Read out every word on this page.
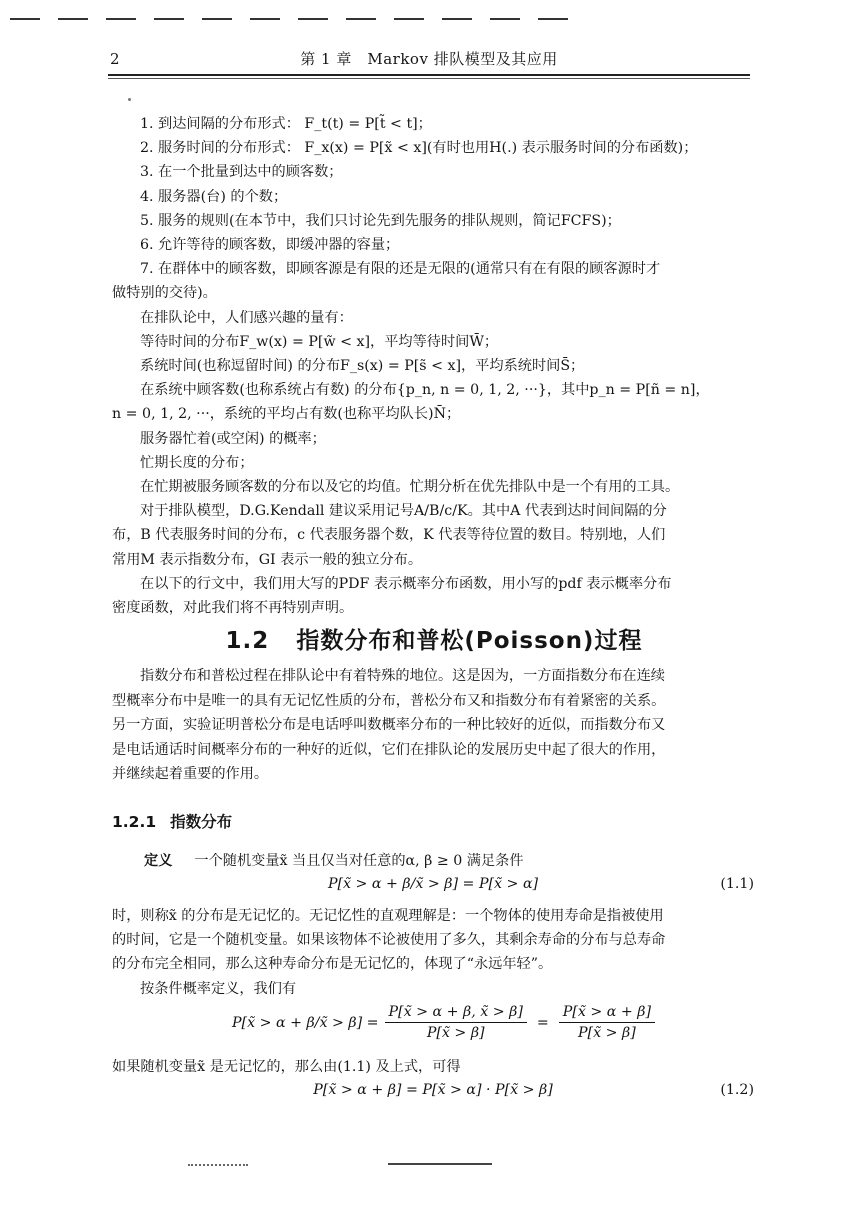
2	第 1 章　Markov 排队模型及其应用
1. 到达间隔的分布形式： F_t(t) = P[t̃ < t]；
2. 服务时间的分布形式： F_x(x) = P[x̃ < x](有时也用H(.) 表示服务时间的分布函数)；
3. 在一个批量到达中的顾客数；
4. 服务器(台) 的个数；
5. 服务的规则(在本节中，我们只讨论先到先服务的排队规则，简记FCFS)；
6. 允许等待的顾客数，即缓冲器的容量；
7. 在群体中的顾客数，即顾客源是有限的还是无限的(通常只有在有限的顾客源时才
做特别的交待)。
在排队论中，人们感兴趣的量有：
等待时间的分布F_w(x) = P[w̃ < x]，平均等待时间W̄；
系统时间(也称逗留时间) 的分布F_s(x) = P[s̃ < x]，平均系统时间S̄；
在系统中顾客数(也称系统占有数) 的分布{p_n, n = 0, 1, 2, ···}，其中p_n = P[ñ = n]，
n = 0, 1, 2, ···，系统的平均占有数(也称平均队长)N̄；
服务器忙着(或空闲) 的概率；
忙期长度的分布；
在忙期被服务顾客数的分布以及它的均值。忙期分析在优先排队中是一个有用的工具。
对于排队模型，D.G.Kendall 建议采用记号A/B/c/K。其中A 代表到达时间间隔的分
布，B 代表服务时间的分布，c 代表服务器个数，K 代表等待位置的数目。特别地，人们
常用M 表示指数分布，GI 表示一般的独立分布。
在以下的行文中，我们用大写的PDF 表示概率分布函数，用小写的pdf 表示概率分布
密度函数，对此我们将不再特别声明。
1.2 指数分布和普松(Poisson)过程
指数分布和普松过程在排队论中有着特殊的地位。这是因为，一方面指数分布在连续
型概率分布中是唯一的具有无记忆性质的分布，普松分布又和指数分布有着紧密的关系。
另一方面，实验证明普松分布是电话呼叫数概率分布的一种比较好的近似，而指数分布又
是电话通话时间概率分布的一种好的近似，它们在排队论的发展历史中起了很大的作用，
并继续起着重要的作用。
1.2.1 指数分布
定义 一个随机变量x̃ 当且仅当对任意的α, β ≥ 0 满足条件
P[x̃ > α + β/x̃ > β] = P[x̃ > α]	(1.1)
时，则称x̃ 的分布是无记忆的。无记忆性的直观理解是：一个物体的使用寿命是指被使用
的时间，它是一个随机变量。如果该物体不论被使用了多久，其剩余寿命的分布与总寿命
的分布完全相同，那么这种寿命分布是无记忆的，体现了“永远年轻”。
按条件概率定义，我们有
P[x̃ > α + β/x̃ > $\beta] = \frac{P[x̃ > \alpha + \beta, x̃ > \beta]}{P[x̃ > \beta]} = \frac{P[x̃ > \alpha + \beta]}{P[x̃ > \beta]}$
如果随机变量x̃ 是无记忆的，那么由(1.1) 及上式，可得
P[x̃ > α + β] = P[x̃ > α] · P[x̃ > β]	(1.2)
